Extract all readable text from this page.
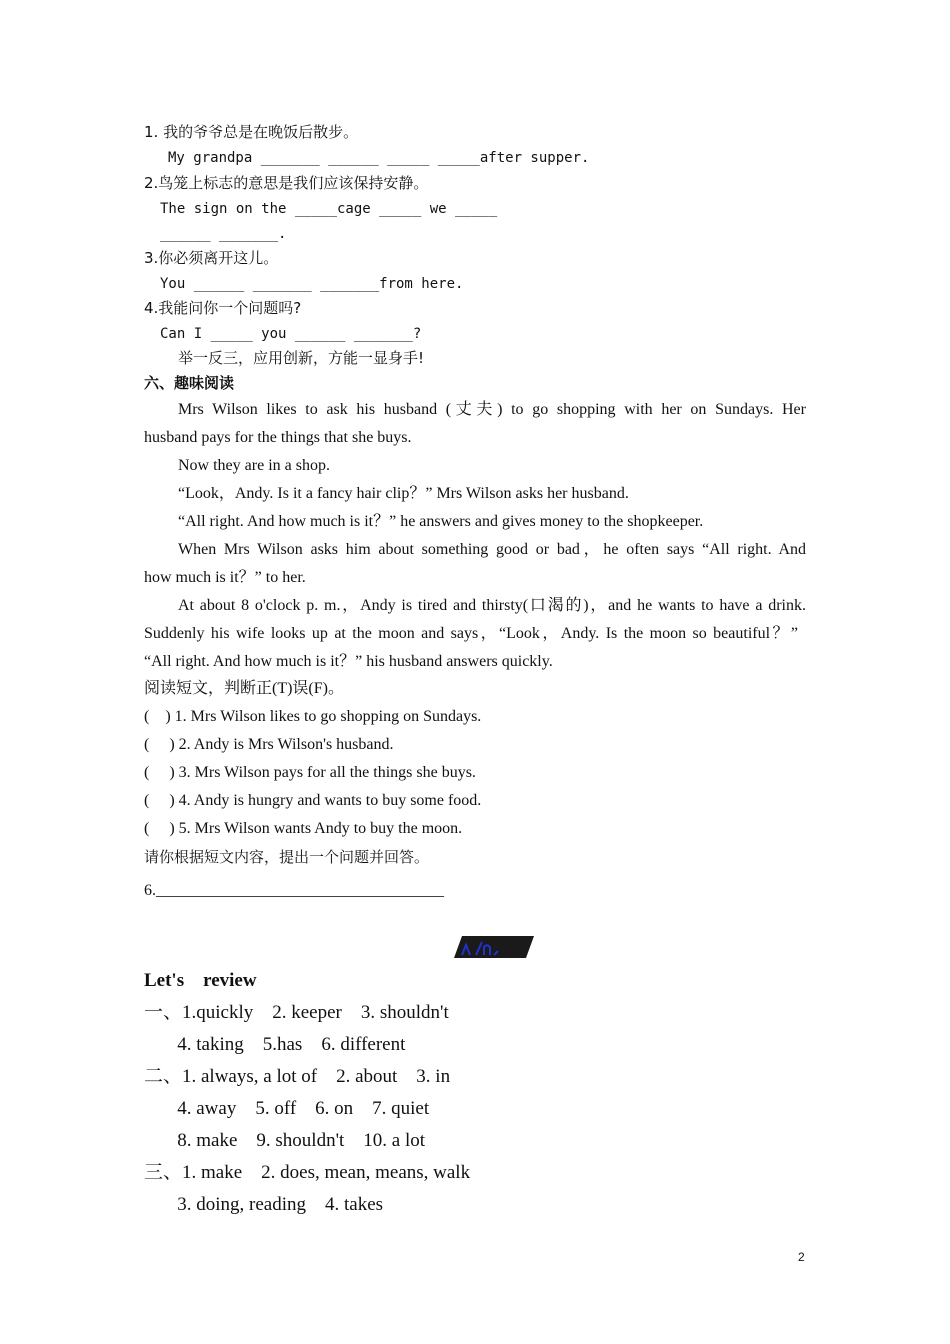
1. 我的爷爷总是在晚饭后散步。
My grandpa _______ ______ _____ _____after supper.
2.鸟笼上标志的意思是我们应该保持安静。
The sign on the _____cage _____ we _____
______ _______.
3.你必须离开这儿。
You ______ _______ _______from here.
4.我能问你一个问题吗?
Can I _____ you ______ _______?
举一反三，应用创新，方能一显身手!
六、趣味阅读
Mrs Wilson likes to ask his husband (丈夫) to go shopping with her on Sundays. Her
husband pays for the things that she buys.
Now they are in a shop.
“Look，Andy. Is it a fancy hair clip？” Mrs Wilson asks her husband.
“All right. And how much is it？” he answers and gives money to the shopkeeper.
When Mrs Wilson asks him about something good or bad，he often says “All right. And
how much is it？” to her.
At about 8 o'clock p. m.，Andy is tired and thirsty(口渴的)，and he wants to have a drink.
Suddenly his wife looks up at the moon and says，“Look，Andy. Is the moon so beautiful？”
“All right. And how much is it？” his husband answers quickly.
阅读短文，判断正(T)误(F)。
(    ) 1. Mrs Wilson likes to go shopping on Sundays.
(     ) 2. Andy is Mrs Wilson's husband.
(     ) 3. Mrs Wilson pays for all the things she buys.
(     ) 4. Andy is hungry and wants to buy some food.
(     ) 5. Mrs Wilson wants Andy to buy the moon.
请你根据短文内容，提出一个问题并回答。
6.____________________________________
Let's    review
一、1.quickly    2. keeper    3. shouldn't
4. taking    5.has    6. different
二、1. always, a lot of    2. about    3. in
4. away    5. off    6. on    7. quiet
8. make    9. shouldn't    10. a lot
三、1. make    2. does, mean, means, walk
3. doing, reading    4. takes
2
